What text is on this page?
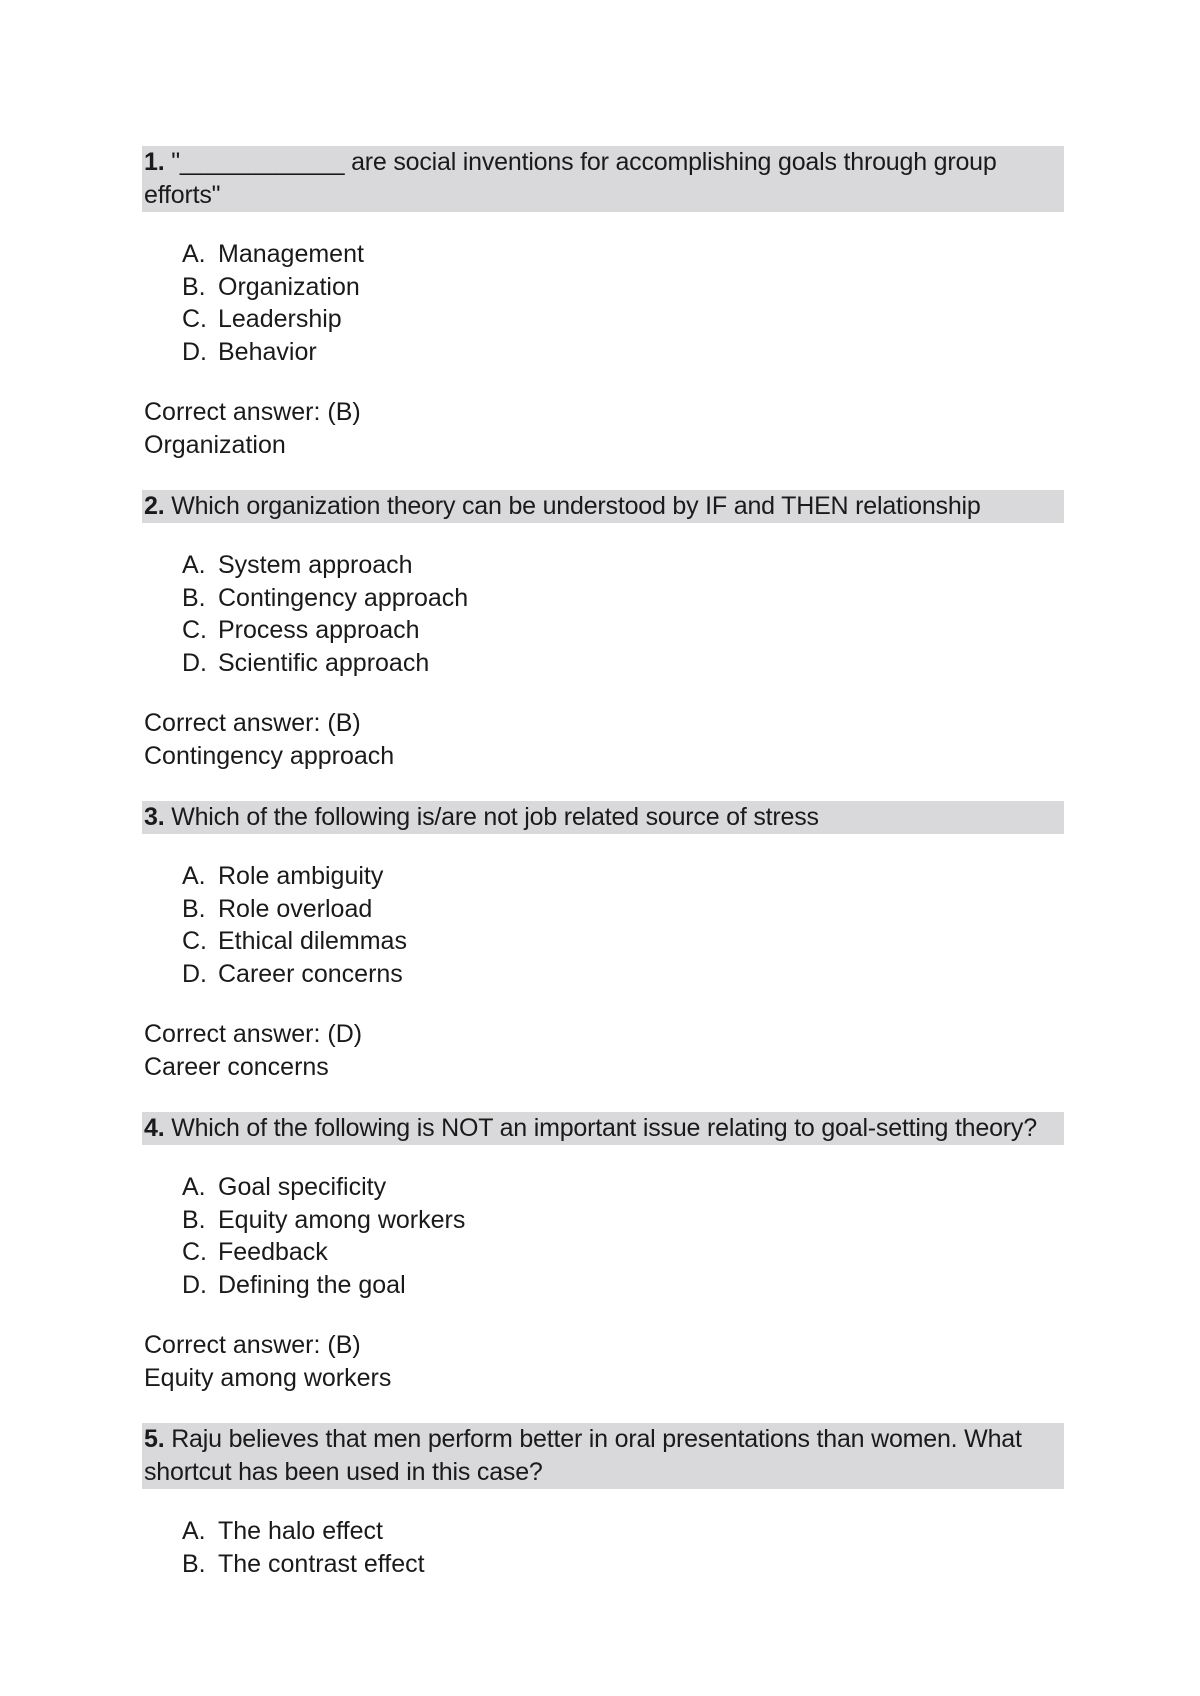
1. "____________ are social inventions for accomplishing goals through group efforts"
A. Management
B. Organization
C. Leadership
D. Behavior
Correct answer: (B)
Organization
2. Which organization theory can be understood by IF and THEN relationship
A. System approach
B. Contingency approach
C. Process approach
D. Scientific approach
Correct answer: (B)
Contingency approach
3. Which of the following is/are not job related source of stress
A. Role ambiguity
B. Role overload
C. Ethical dilemmas
D. Career concerns
Correct answer: (D)
Career concerns
4. Which of the following is NOT an important issue relating to goal-setting theory?
A. Goal specificity
B. Equity among workers
C. Feedback
D. Defining the goal
Correct answer: (B)
Equity among workers
5. Raju believes that men perform better in oral presentations than women. What shortcut has been used in this case?
A. The halo effect
B. The contrast effect
